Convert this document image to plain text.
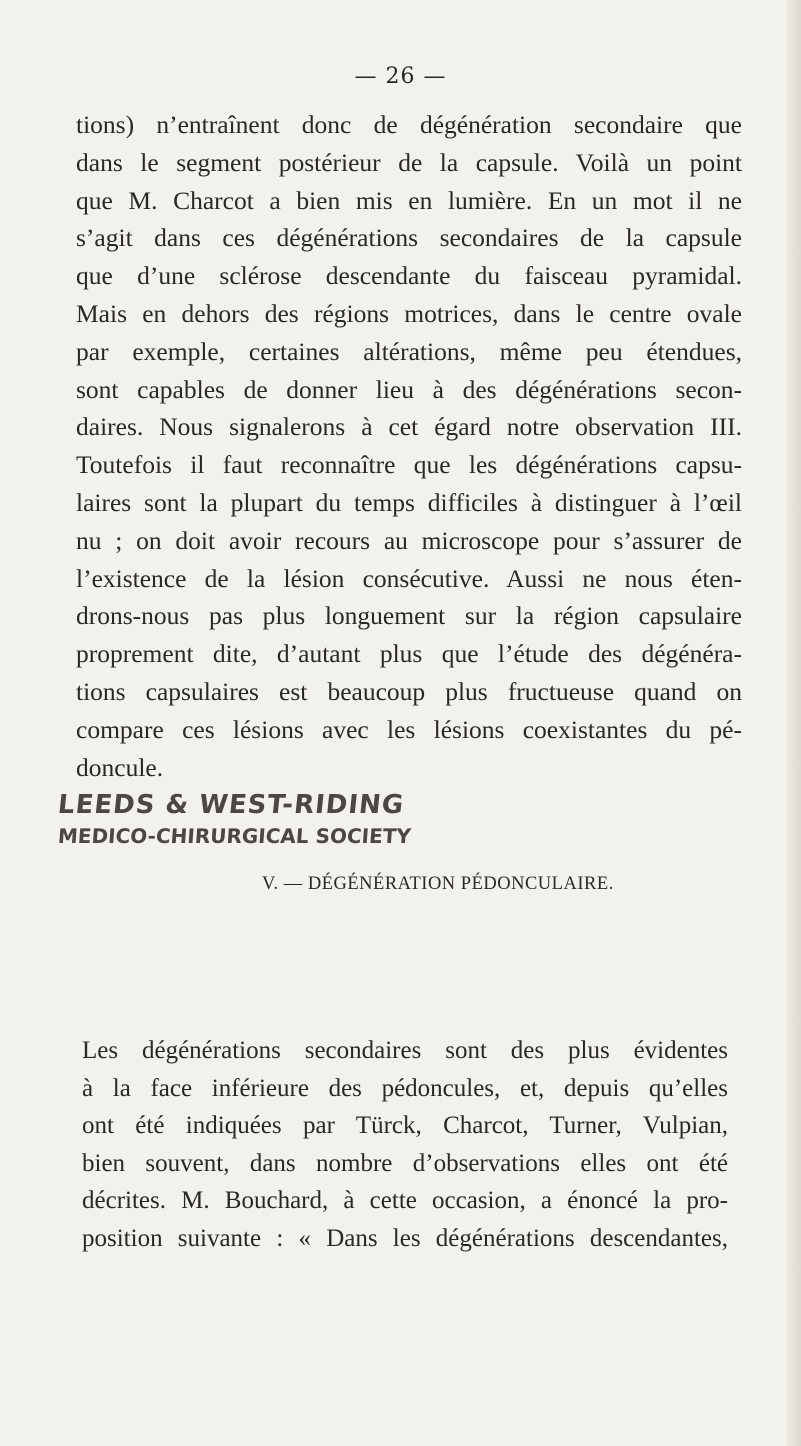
— 26 —

tions) n’entraînent donc de dégénération secondaire que
dans le segment postérieur de la capsule. Voilà un point
que M. Charcot a bien mis en lumière. En un mot il ne
s’agit dans ces dégénérations secondaires de la capsule
que d’une sclérose descendante du faisceau pyramidal.
Mais en dehors des régions motrices, dans le centre ovale
par exemple, certaines altérations, même peu étendues,
sont capables de donner lieu à des dégénérations secon-
daires. Nous signalerons à cet égard notre observation III.
Toutefois il faut reconnaître que les dégénérations capsu-
laires sont la plupart du temps difficiles à distinguer à l’œil
nu ; on doit avoir recours au microscope pour s’assurer de
l’existence de la lésion consécutive. Aussi ne nous éten-
drons-nous pas plus longuement sur la région capsulaire
proprement dite, d’autant plus que l’étude des dégénéra-
tions capsulaires est beaucoup plus fructueuse quand on
compare ces lésions avec les lésions coexistantes du pé-
doncule.

LEEDS & WEST-RIDING
MEDICO-CHIRURGICAL SOCIETY
V. — DÉGÉNÉRATION PÉDONCULAIRE.

Les dégénérations secondaires sont des plus évidentes
à la face inférieure des pédoncules, et, depuis qu’elles
ont été indiquées par Türck, Charcot, Turner, Vulpian,
bien souvent, dans nombre d’observations elles ont été
décrites. M. Bouchard, à cette occasion, a énoncé la pro-
position suivante : « Dans les dégénérations descendantes,
